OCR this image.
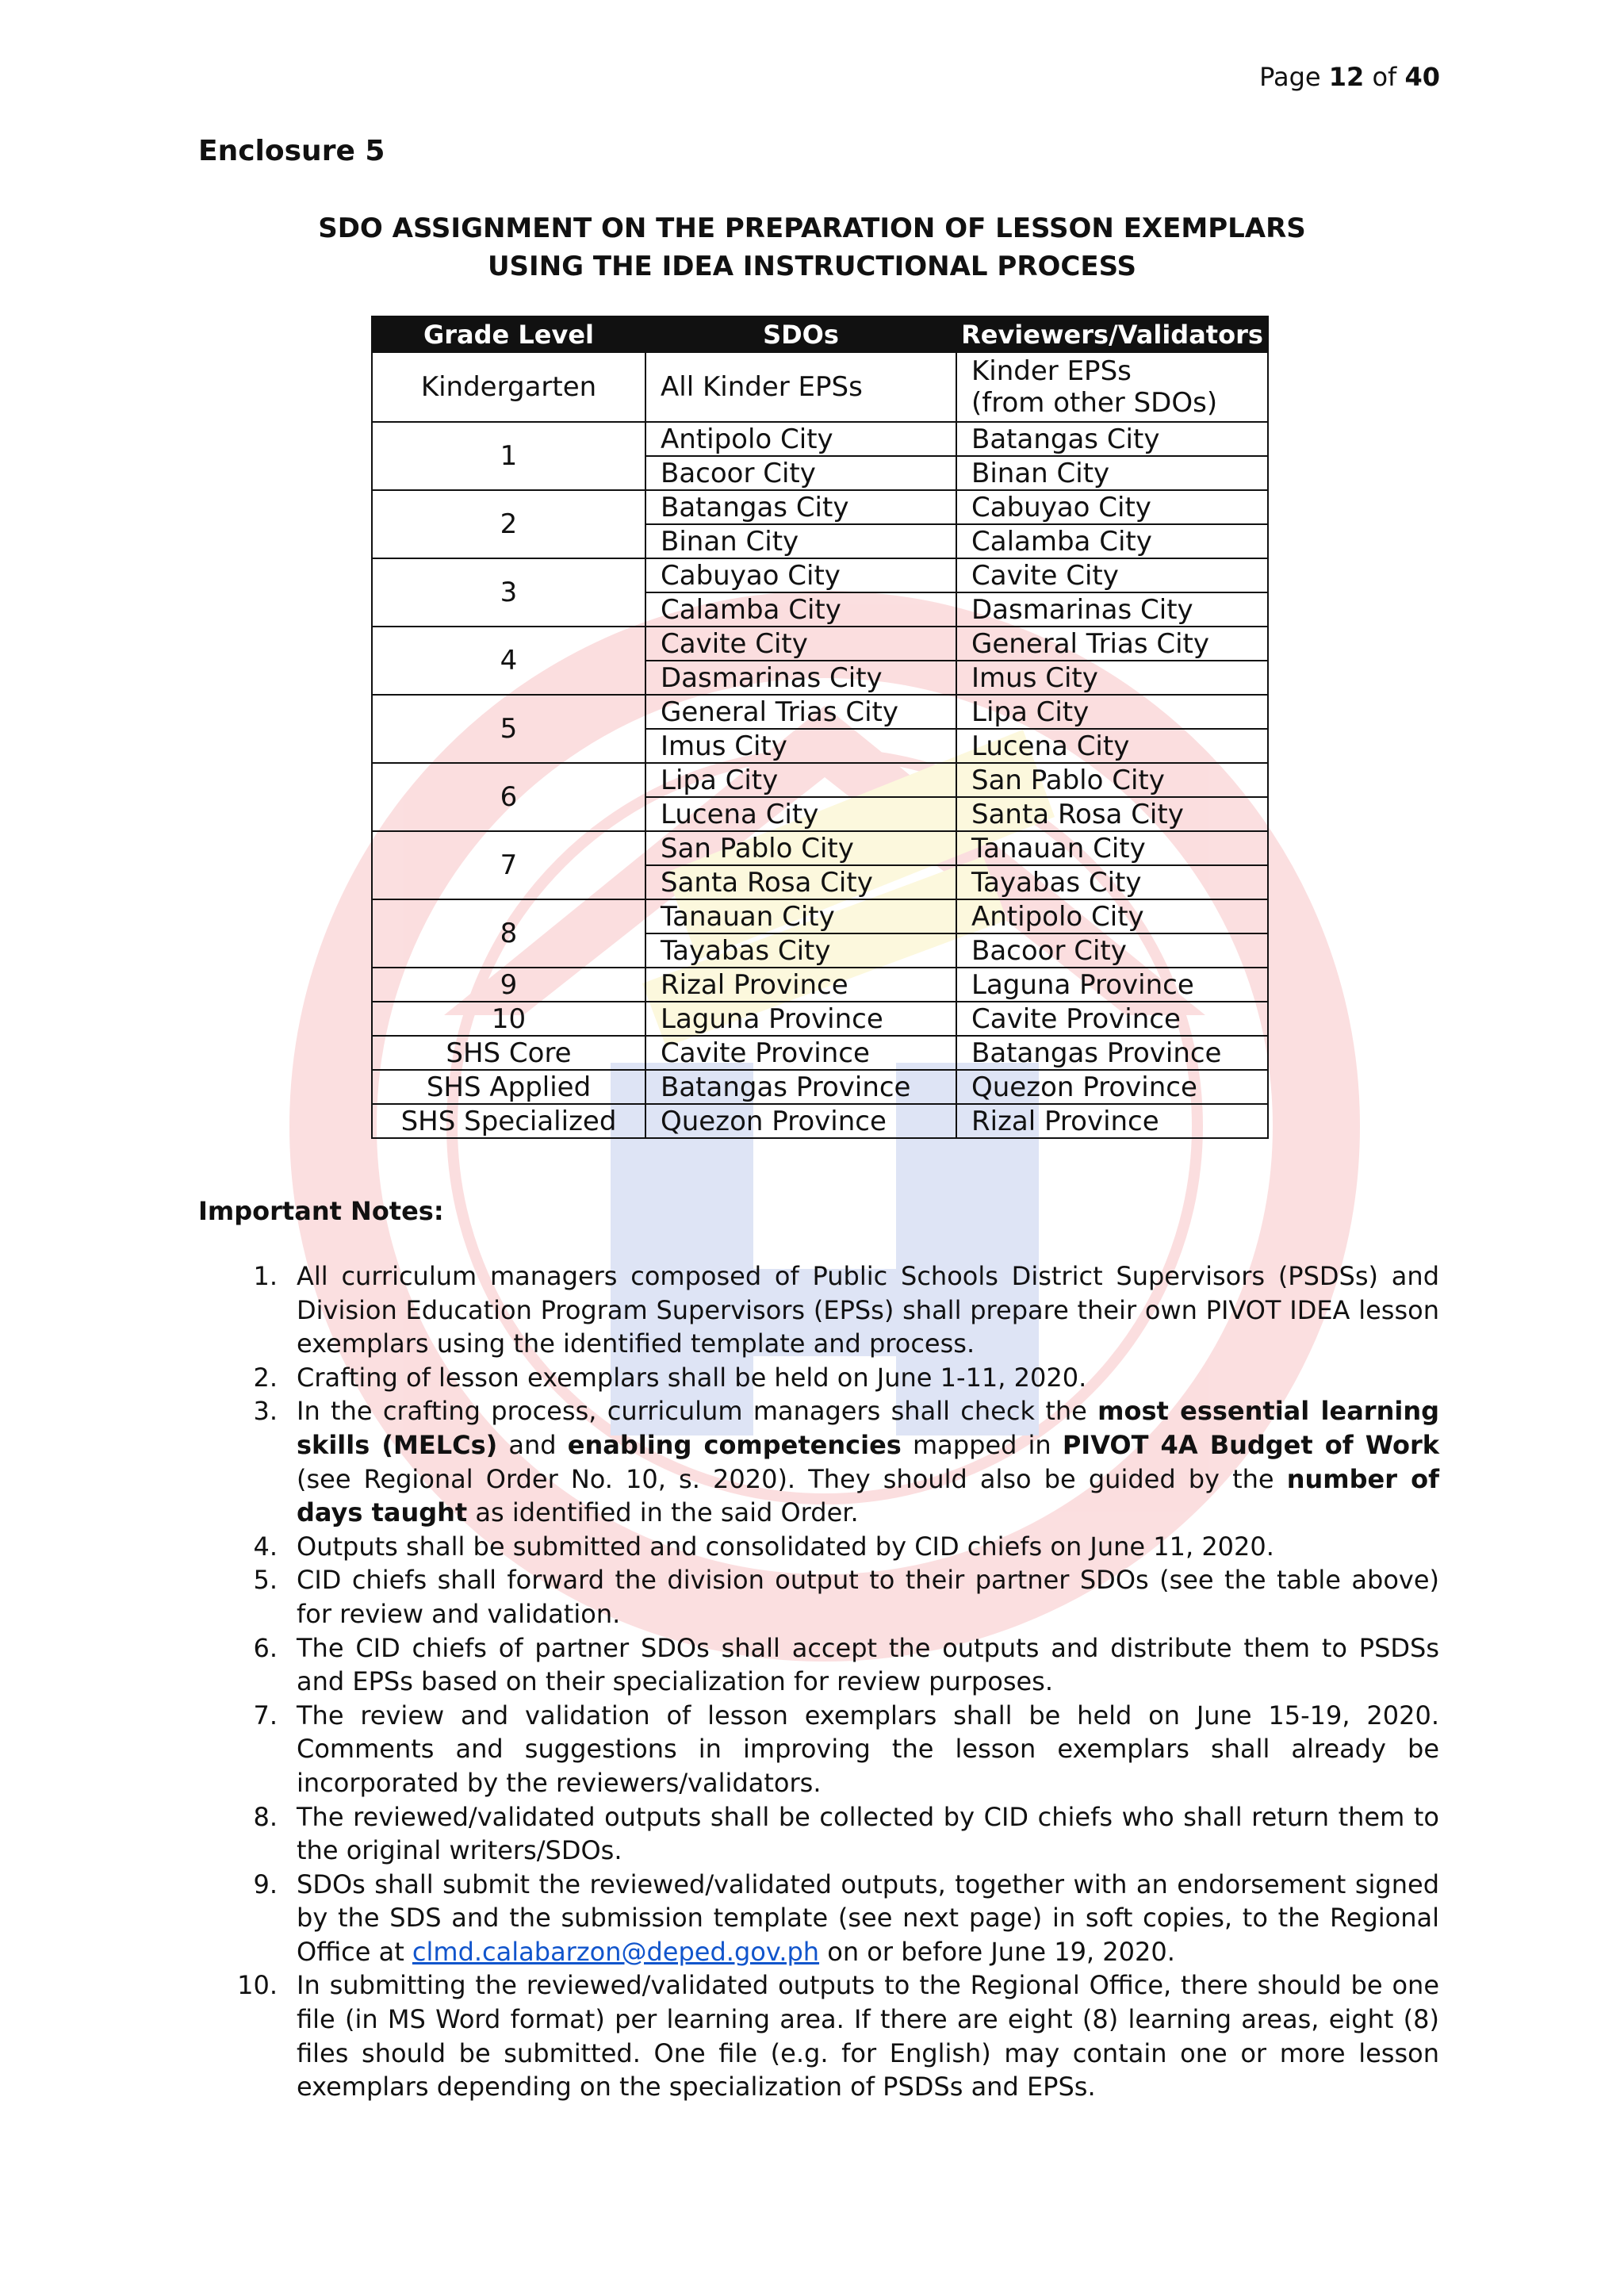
Page 12 of 40
Enclosure 5
SDO ASSIGNMENT ON THE PREPARATION OF LESSON EXEMPLARS
USING THE IDEA INSTRUCTIONAL PROCESS
Grade Level	SDOs	Reviewers/Validators
Kindergarten	All Kinder EPSs	Kinder EPSs
(from other SDOs)

1	Antipolo City	Batangas City
	Bacoor City	Binan City
2	Batangas City	Cabuyao City
	Binan City	Calamba City
3	Cabuyao City	Cavite City
	Calamba City	Dasmarinas City
4	Cavite City	General Trias City
	Dasmarinas City	Imus City
5	General Trias City	Lipa City
	Imus City	Lucena City
6	Lipa City	San Pablo City
	Lucena City	Santa Rosa City
7	San Pablo City	Tanauan City
	Santa Rosa City	Tayabas City
8	Tanauan City	Antipolo City
	Tayabas City	Bacoor City
9	Rizal Province	Laguna Province
10	Laguna Province	Cavite Province
SHS Core	Cavite Province	Batangas Province
SHS Applied	Batangas Province	Quezon Province
SHS Specialized	Quezon Province	Rizal Province
Important Notes:
1. All curriculum managers composed of Public Schools District Supervisors (PSDSs) and Division Education Program Supervisors (EPSs) shall prepare their own PIVOT IDEA lesson exemplars using the identified template and process.
2. Crafting of lesson exemplars shall be held on June 1-11, 2020.
3. In the crafting process, curriculum managers shall check the most essential learning skills (MELCs) and enabling competencies mapped in PIVOT 4A Budget of Work (see Regional Order No. 10, s. 2020). They should also be guided by the number of days taught as identified in the said Order.
4. Outputs shall be submitted and consolidated by CID chiefs on June 11, 2020.
5. CID chiefs shall forward the division output to their partner SDOs (see the table above) for review and validation.
6. The CID chiefs of partner SDOs shall accept the outputs and distribute them to PSDSs and EPSs based on their specialization for review purposes.
7. The review and validation of lesson exemplars shall be held on June 15-19, 2020. Comments and suggestions in improving the lesson exemplars shall already be incorporated by the reviewers/validators.
8. The reviewed/validated outputs shall be collected by CID chiefs who shall return them to the original writers/SDOs.
9. SDOs shall submit the reviewed/validated outputs, together with an endorsement signed by the SDS and the submission template (see next page) in soft copies, to the Regional Office at clmd.calabarzon@deped.gov.ph on or before June 19, 2020.
10. In submitting the reviewed/validated outputs to the Regional Office, there should be one file (in MS Word format) per learning area. If there are eight (8) learning areas, eight (8) files should be submitted. One file (e.g. for English) may contain one or more lesson exemplars depending on the specialization of PSDSs and EPSs.
